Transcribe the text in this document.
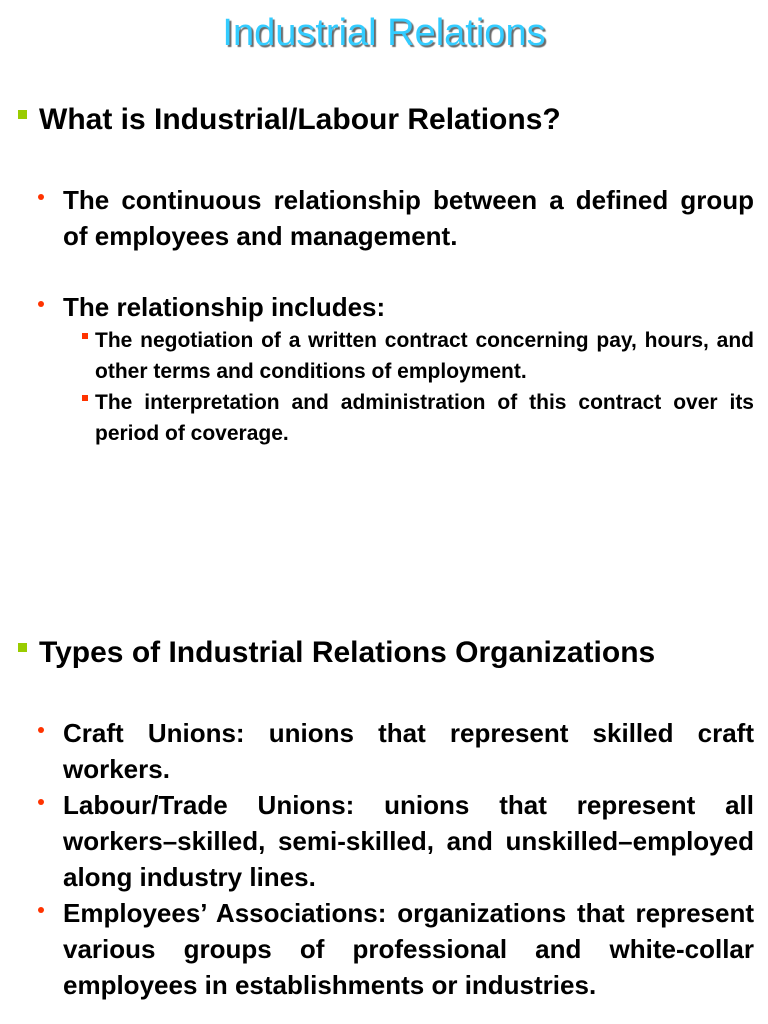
Industrial Relations
What is Industrial/Labour Relations?
The continuous relationship between a defined group of employees and management.
The relationship includes:
The negotiation of a written contract concerning pay, hours, and other terms and conditions of employment.
The interpretation and administration of this contract over its period of coverage.
Types of Industrial Relations Organizations
Craft Unions: unions that represent skilled craft workers.
Labour/Trade Unions: unions that represent all workers–skilled, semi-skilled, and unskilled–employed along industry lines.
Employees’ Associations: organizations that represent various groups of professional and white-collar employees in establishments or industries.
